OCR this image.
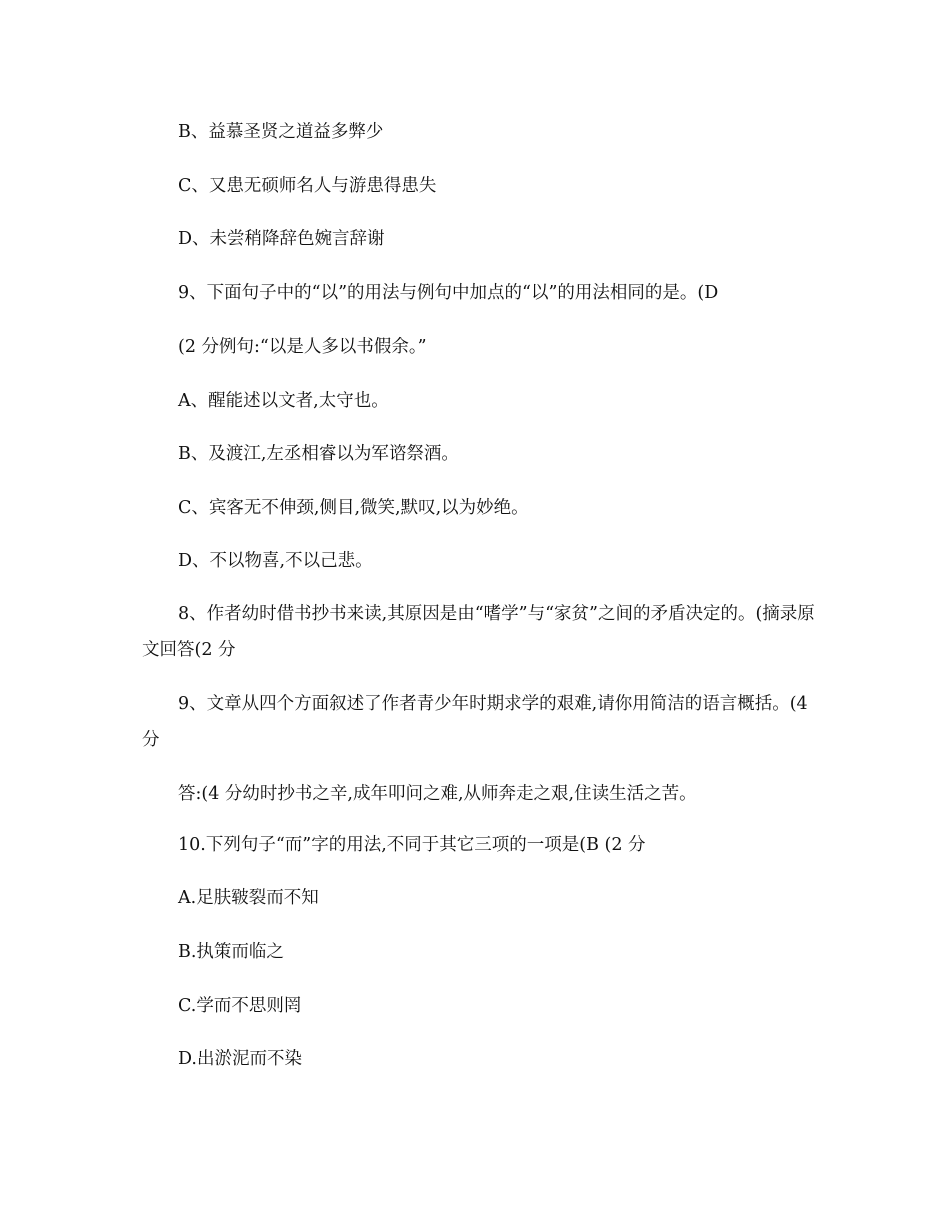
B、益慕圣贤之道益多弊少
C、又患无硕师名人与游患得患失
D、未尝稍降辞色婉言辞谢
9、下面句子中的“以”的用法与例句中加点的“以”的用法相同的是。(D
(2 分例句:“以是人多以书假余。”
A、醒能述以文者,太守也。
B、及渡江,左丞相睿以为军谘祭酒。
C、宾客无不伸颈,侧目,微笑,默叹,以为妙绝。
D、不以物喜,不以己悲。
8、作者幼时借书抄书来读,其原因是由“嗜学”与“家贫”之间的矛盾决定的。(摘录原文回答(2 分
9、文章从四个方面叙述了作者青少年时期求学的艰难,请你用简洁的语言概括。(4 分
答:(4 分幼时抄书之辛,成年叩问之难,从师奔走之艰,住读生活之苦。
10.下列句子“而”字的用法,不同于其它三项的一项是(B (2 分
A.足肤皲裂而不知
B.执策而临之
C.学而不思则罔
D.出淤泥而不染
